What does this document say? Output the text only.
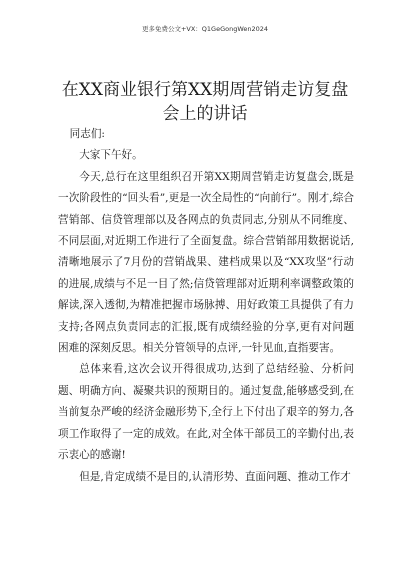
更多免费公文+VX：Q1GeGongWen2024
在XX商业银行第XX期周营销走访复盘会上的讲话

同志们:

大家下午好。

今天,总行在这里组织召开第XX期周营销走访复盘会,既是一次阶段性的“回头看”,更是一次全局性的“向前行”。刚才,综合营销部、信贷管理部以及各网点的负责同志,分别从不同维度、不同层面,对近期工作进行了全面复盘。综合营销部用数据说话,清晰地展示了7月份的营销战果、建档成果以及“XX攻坚”行动的进展,成绩与不足一目了然;信贷管理部对近期利率调整政策的解读,深入透彻,为精准把握市场脉搏、用好政策工具提供了有力支持;各网点负责同志的汇报,既有成绩经验的分享,更有对问题困难的深刻反思。相关分管领导的点评,一针见血,直指要害。

总体来看,这次会议开得很成功,达到了总结经验、分析问题、明确方向、凝聚共识的预期目的。通过复盘,能够感受到,在当前复杂严峻的经济金融形势下,全行上下付出了艰辛的努力,各项工作取得了一定的成效。在此,对全体干部员工的辛勤付出,表示衷心的感谢!

但是,肯定成绩不是目的,认清形势、直面问题、推动工作才
